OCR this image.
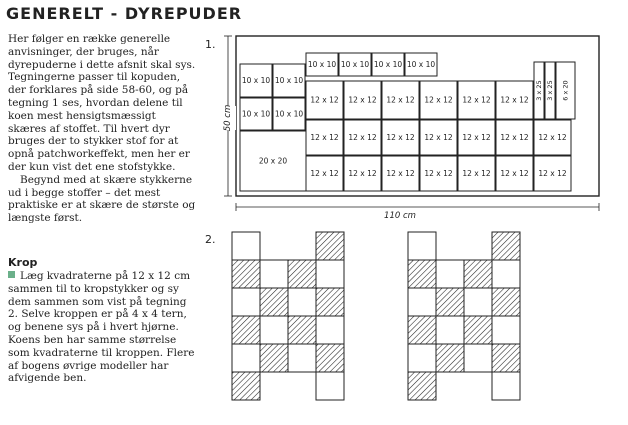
GENERELT - DYREPUDER

Her følger en række generelle anvisninger, der bruges, når dyrepuderne i dette afsnit skal sys. Tegningerne passer til kopuden, der forklares på side 58-60, og på tegning 1 ses, hvordan delene til koen mest hensigtsmæssigt skæres af stoffet. Til hvert dyr bruges der to stykker stof for at opnå patchworkeffekt, men her er der kun vist det ene stofstykke.

Begynd med at skære stykkerne ud i begge stoffer – det mest praktiske er at skære de største og længste først.

Krop
Læg kvadraterne på 12 x 12 cm sammen til to kropstykker og sy dem sammen som vist på tegning 2. Selve kroppen er på 4 x 4 tern, og benene sys på i hvert hjørne. Koens ben har samme størrelse som kvadraterne til kroppen. Flere af bogens øvrige modeller har afvigende ben.
1.
2.
10 x 10 10 x 10 10 x 10 10 x 10
10 x 10 10 x 10
10 x 10 10 x 10
20 x 20
12 x 12 12 x 12 12 x 12 12 x 12 12 x 12 12 x 12
12 x 12 12 x 12 12 x 12 12 x 12 12 x 12 12 x 12 12 x 12
12 x 12 12 x 12 12 x 12 12 x 12 12 x 12 12 x 12 12 x 12
3 x 25 3 x 25 6 x 20
50 cm
110 cm
